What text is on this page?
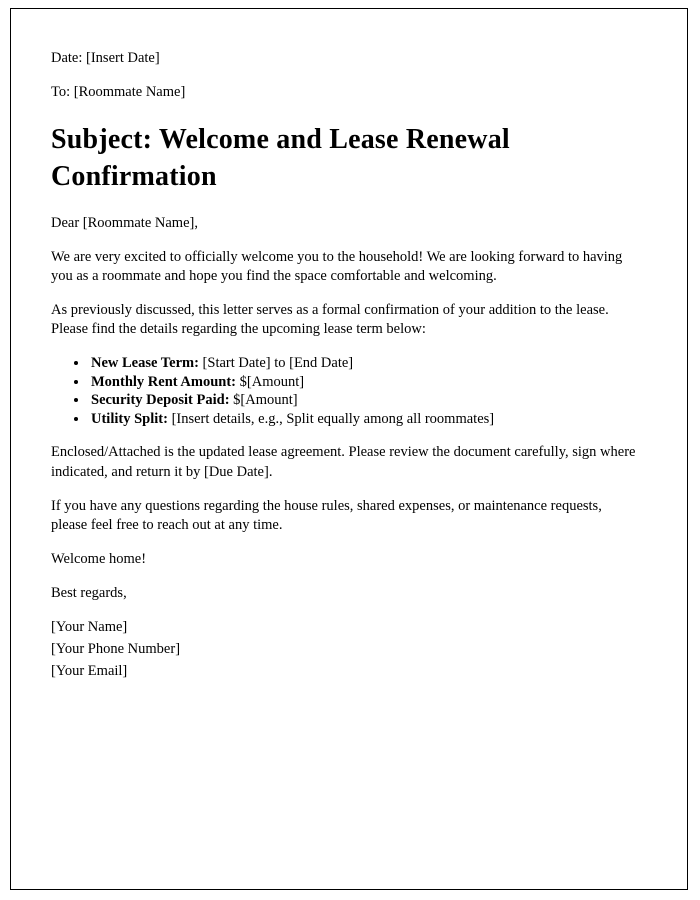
Date: [Insert Date]
To: [Roommate Name]
Subject: Welcome and Lease Renewal Confirmation

Dear [Roommate Name],

We are very excited to officially welcome you to the household! We are looking forward to having you as a roommate and hope you find the space comfortable and welcoming.

As previously discussed, this letter serves as a formal confirmation of your addition to the lease. Please find the details regarding the upcoming lease term below:

• New Lease Term: [Start Date] to [End Date]
• Monthly Rent Amount: $[Amount]
• Security Deposit Paid: $[Amount]
• Utility Split: [Insert details, e.g., Split equally among all roommates]

Enclosed/Attached is the updated lease agreement. Please review the document carefully, sign where indicated, and return it by [Due Date].

If you have any questions regarding the house rules, shared expenses, or maintenance requests, please feel free to reach out at any time.

Welcome home!

Best regards,

[Your Name]
[Your Phone Number]
[Your Email]
